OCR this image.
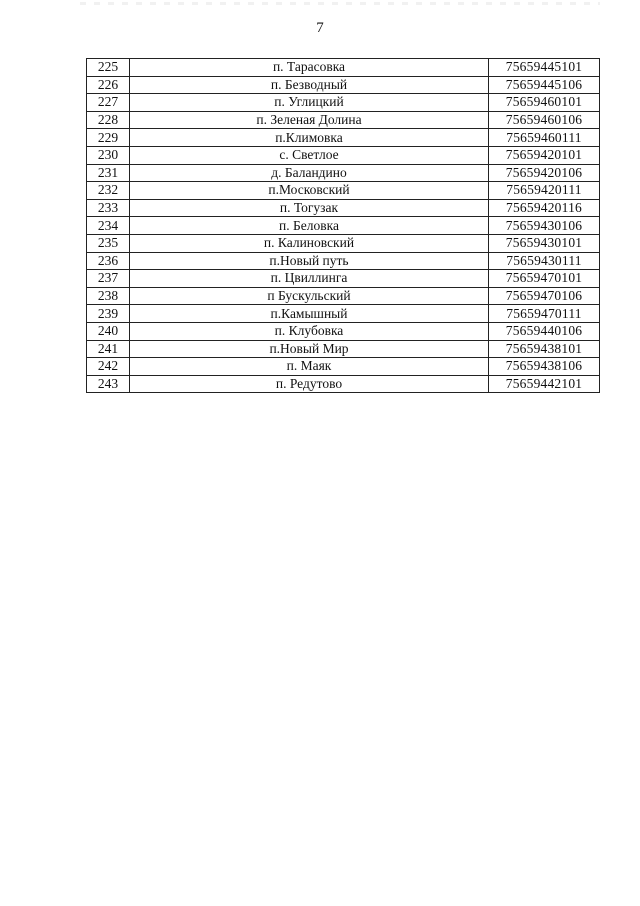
7
225	п. Тарасовка	75659445101
226	п. Безводный	75659445106
227	п. Углицкий	75659460101
228	п. Зеленая Долина	75659460106
229	п.Климовка	75659460111
230	с. Светлое	75659420101
231	д. Баландино	75659420106
232	п.Московский	75659420111
233	п. Тогузак	75659420116
234	п. Беловка	75659430106
235	п. Калиновский	75659430101
236	п.Новый путь	75659430111
237	п. Цвиллинга	75659470101
238	п Бускульский	75659470106
239	п.Камышный	75659470111
240	п. Клубовка	75659440106
241	п.Новый Мир	75659438101
242	п. Маяк	75659438106
243	п. Редутово	75659442101
